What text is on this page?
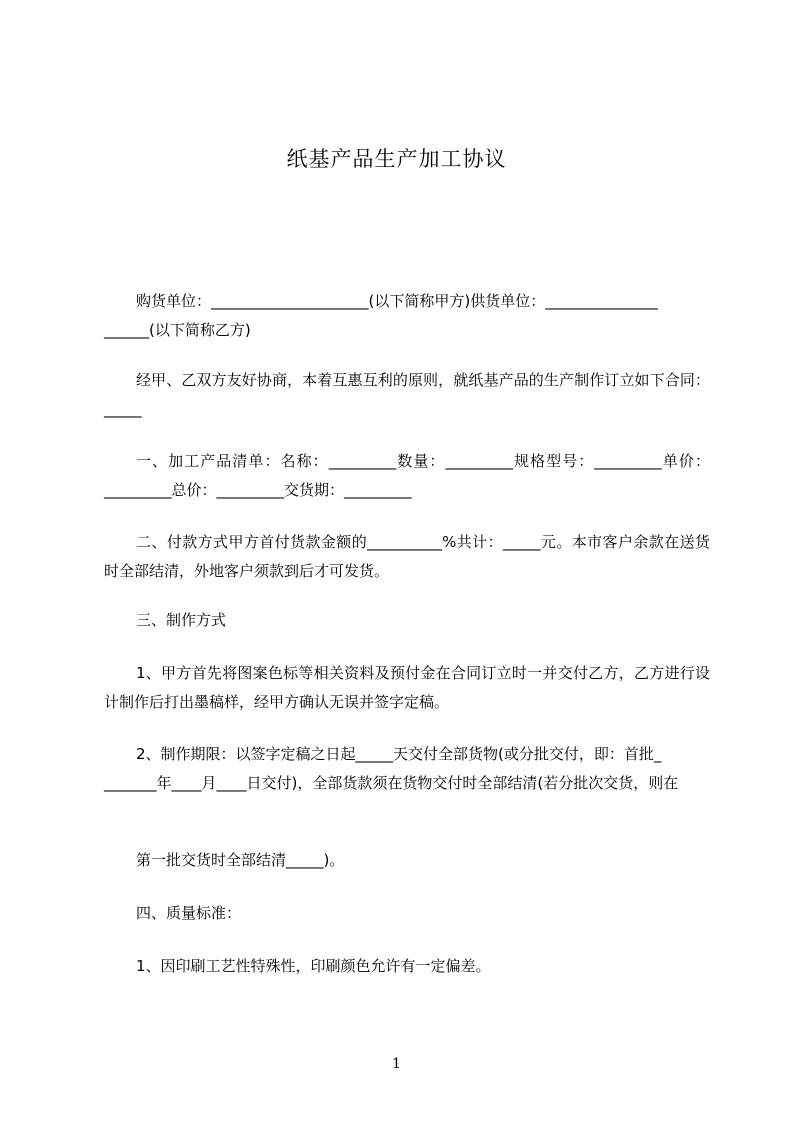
纸基产品生产加工协议
购货单位：_____________________(以下简称甲方)供货单位：_______________
______(以下简称乙方)
经甲、乙双方友好协商，本着互惠互利的原则，就纸基产品的生产制作订立如下合同：_____
一、加工产品清单：名称：_________数量：_________规格型号：_________单价：_________总价：_________交货期：_________
二、付款方式甲方首付货款金额的__________%共计：_____元。本市客户余款在送货时全部结清，外地客户须款到后才可发货。
三、制作方式
1、甲方首先将图案色标等相关资料及预付金在合同订立时一并交付乙方，乙方进行设计制作后打出墨稿样，经甲方确认无误并签字定稿。
2、制作期限：以签字定稿之日起_____天交付全部货物(或分批交付，即：首批_
_______年____月____日交付)，全部货款须在货物交付时全部结清(若分批次交货，则在
第一批交货时全部结清_____)。
四、质量标准：
1、因印刷工艺性特殊性，印刷颜色允许有一定偏差。
1
